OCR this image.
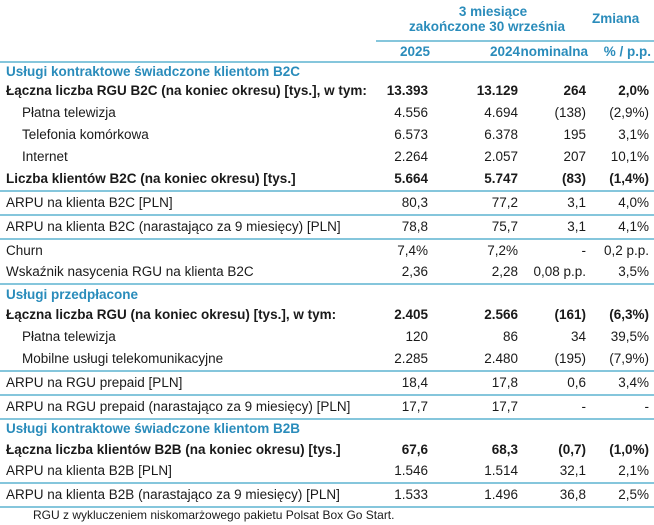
3 miesiące
zakończone 30 września
Zmiana
2025	2024 nominalna % / p.p.
Usługi kontraktowe świadczone klientom B2C
Łączna liczba RGU B2C (na koniec okresu) [tys.], w tym: 13.393	13.129	264 2,0%
Płatna telewizja	4.556	4.694	(138) (2,9%)
Telefonia komórkowa	6.573	6.378	195 3,1%
Internet	2.264	2.057	207 10,1%
Liczba klientów B2C (na koniec okresu) [tys.]	5.664	5.747	(83) (1,4%)
ARPU na klienta B2C [PLN]	80,3	77,2	3,1 4,0%
ARPU na klienta B2C (narastająco za 9 miesięcy) [PLN]	78,8	75,7	3,1 4,1%
Churn	7,4%	7,2%	- 0,2 p.p.
Wskaźnik nasycenia RGU na klienta B2C	2,36	2,28 0,08 p.p. 3,5%
Usługi przedpłacone
Łączna liczba RGU (na koniec okresu) [tys.], w tym:	2.405	2.566	(161) (6,3%)
Płatna telewizja	120	86	34 39,5%
Mobilne usługi telekomunikacyjne	2.285	2.480	(195) (7,9%)
ARPU na RGU prepaid [PLN]	18,4	17,8	0,6 3,4%
ARPU na RGU prepaid (narastająco za 9 miesięcy) [PLN]	17,7	17,7	-	-
Usługi kontraktowe świadczone klientom B2B
Łączna liczba klientów B2B (na koniec okresu) [tys.]	67,6	68,3	(0,7) (1,0%)
ARPU na klienta B2B [PLN]	1.546	1.514	32,1 2,1%
ARPU na klienta B2B (narastająco za 9 miesięcy) [PLN]	1.533	1.496	36,8 2,5%
RGU z wykluczeniem niskomarżowego pakietu Polsat Box Go Start.
